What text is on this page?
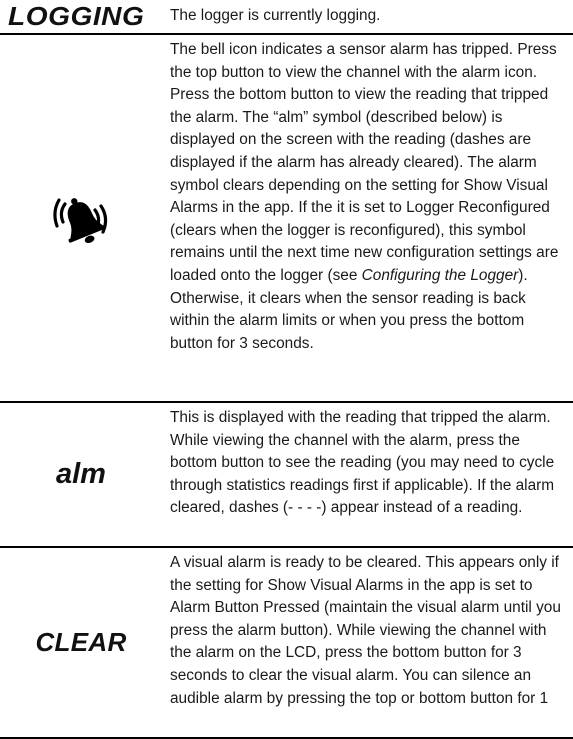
LOGGING	The logger is currently logging.
The bell icon indicates a sensor alarm has tripped. Press the top button to view the channel with the alarm icon. Press the bottom button to view the reading that tripped the alarm. The “alm” symbol (described below) is displayed on the screen with the reading (dashes are displayed if the alarm has already cleared). The alarm symbol clears depending on the setting for Show Visual Alarms in the app. If the it is set to Logger Reconfigured (clears when the logger is reconfigured), this symbol remains until the next time new configuration settings are loaded onto the logger (see Configuring the Logger). Otherwise, it clears when the sensor reading is back within the alarm limits or when you press the bottom button for 3 seconds.
alm
This is displayed with the reading that tripped the alarm. While viewing the channel with the alarm, press the bottom button to see the reading (you may need to cycle through statistics readings first if applicable). If the alarm cleared, dashes (- - - -) appear instead of a reading.
CLEAR
A visual alarm is ready to be cleared. This appears only if the setting for Show Visual Alarms in the app is set to Alarm Button Pressed (maintain the visual alarm until you press the alarm button). While viewing the channel with the alarm on the LCD, press the bottom button for 3 seconds to clear the visual alarm. You can silence an audible alarm by pressing the top or bottom button for 1
